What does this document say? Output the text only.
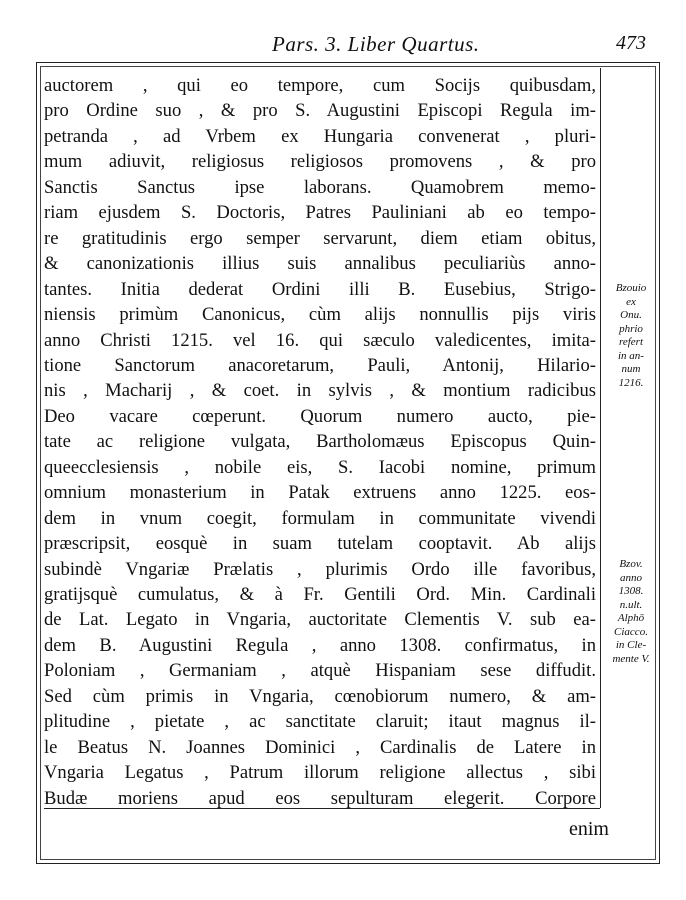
Pars. 3. Liber Quartus.	473
auctorem , qui eo tempore, cum Socijs quibusdam,
pro Ordine suo , & pro S. Augustini Episcopi Regula im-
petranda , ad Vrbem ex Hungaria convenerat , pluri-
mum adiuvit, religiosus religiosos promovens , & pro
Sanctis Sanctus ipse laborans. Quamobrem memo-
riam ejusdem S. Doctoris, Patres Pauliniani ab eo tempo-
re gratitudinis ergo semper servarunt, diem etiam obitus,
& canonizationis illius suis annalibus peculiariùs anno-
tantes. Initia dederat Ordini illi B. Eusebius, Strigo-
niensis primùm Canonicus, cùm alijs nonnullis pijs viris
anno Christi 1215. vel 16. qui sæculo valedicentes, imita-
tione Sanctorum anacoretarum, Pauli, Antonij, Hilario-
nis , Macharij , & coet. in sylvis , & montium radicibus
Deo vacare cœperunt. Quorum numero aucto, pie-
tate ac religione vulgata, Bartholomæus Episcopus Quin-
queecclesiensis , nobile eis, S. Iacobi nomine, primum
omnium monasterium in Patak extruens anno 1225. eos-
dem in vnum coegit, formulam in communitate vivendi
præscripsit, eosquè in suam tutelam cooptavit. Ab alijs
subindè Vngariæ Prælatis , plurimis Ordo ille favoribus,
gratijsquè cumulatus, & à Fr. Gentili Ord. Min. Cardinali
de Lat. Legato in Vngaria, auctoritate Clementis V. sub ea-
dem B. Augustini Regula , anno 1308. confirmatus, in
Poloniam , Germaniam , atquè Hispaniam sese diffudit.
Sed cùm primis in Vngaria, cœnobiorum numero, & am-
plitudine , pietate , ac sanctitate claruit; itaut magnus il-
le Beatus N. Joannes Dominici , Cardinalis de Latere in
Vngaria Legatus , Patrum illorum religione allectus , sibi
Budæ moriens apud eos sepulturam elegerit. Corpore
Bzouio
ex
Onu.
phrio
refert
in an-
num
1216.
Bzov.
anno
1308.
n.ult.
Alphō
Ciacco.
in Cle-
mente V.
enim
